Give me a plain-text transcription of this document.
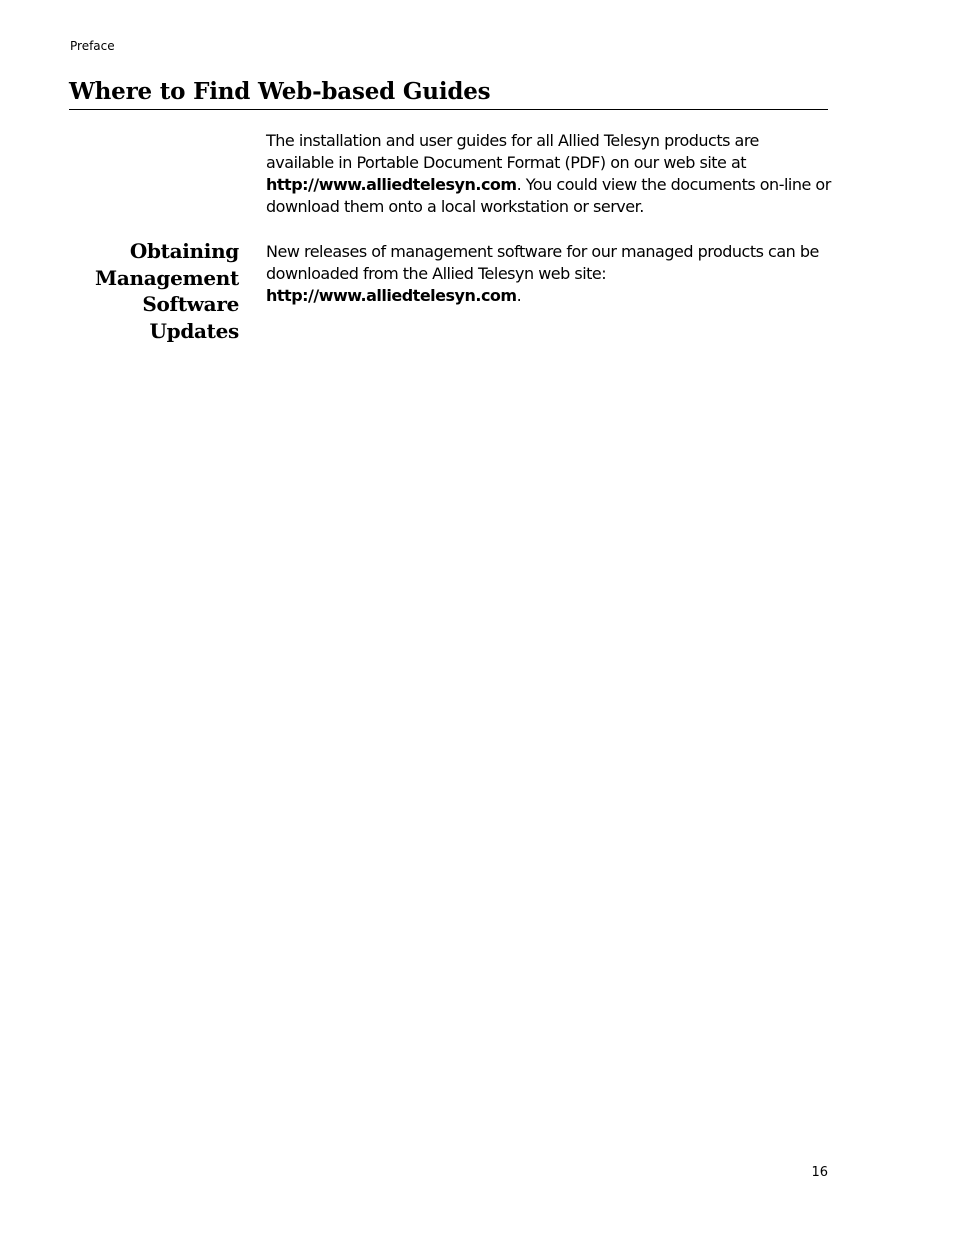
Preface
Where to Find Web-based Guides

The installation and user guides for all Allied Telesyn products are available in Portable Document Format (PDF) on our web site at http://www.alliedtelesyn.com. You could view the documents on-line or download them onto a local workstation or server.

Obtaining
Management
Software
Updates

New releases of management software for our managed products can be downloaded from the Allied Telesyn web site: http://www.alliedtelesyn.com.

16
